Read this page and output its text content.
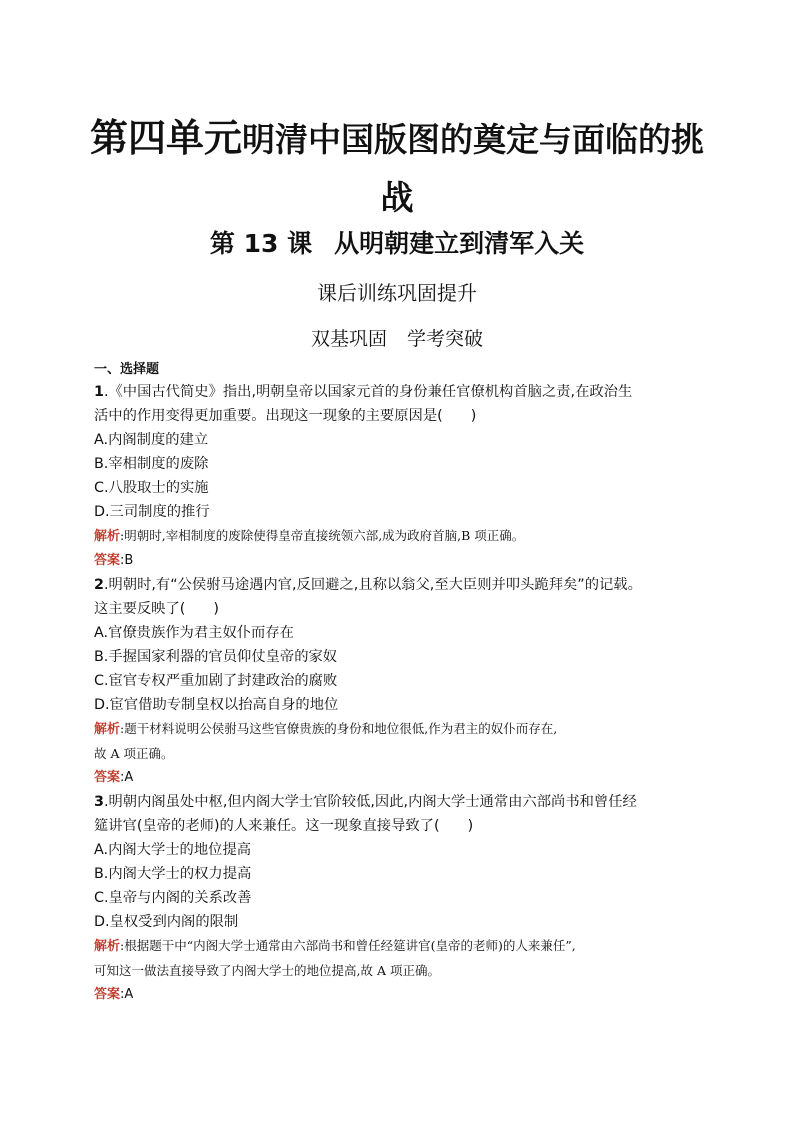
第四单元明清中国版图的奠定与面临的挑
战
第 13 课 从明朝建立到清军入关
课后训练巩固提升
双基巩固 学考突破
一、选择题
1.《中国古代简史》指出,明朝皇帝以国家元首的身份兼任官僚机构首脑之责,在政治生
活中的作用变得更加重要。出现这一现象的主要原因是( )
A.内阁制度的建立
B.宰相制度的废除
C.八股取士的实施
D.三司制度的推行
解析:明朝时,宰相制度的废除使得皇帝直接统领六部,成为政府首脑,B 项正确。
答案:B
2.明朝时,有“公侯驸马途遇内官,反回避之,且称以翁父,至大臣则并叩头跪拜矣”的记载。
这主要反映了( )
A.官僚贵族作为君主奴仆而存在
B.手握国家利器的官员仰仗皇帝的家奴
C.宦官专权严重加剧了封建政治的腐败
D.宦官借助专制皇权以抬高自身的地位
解析:题干材料说明公侯驸马这些官僚贵族的身份和地位很低,作为君主的奴仆而存在,
故 A 项正确。
答案:A
3.明朝内阁虽处中枢,但内阁大学士官阶较低,因此,内阁大学士通常由六部尚书和曾任经
筵讲官(皇帝的老师)的人来兼任。这一现象直接导致了( )
A.内阁大学士的地位提高
B.内阁大学士的权力提高
C.皇帝与内阁的关系改善
D.皇权受到内阁的限制
解析:根据题干中“内阁大学士通常由六部尚书和曾任经筵讲官(皇帝的老师)的人来兼任”,
可知这一做法直接导致了内阁大学士的地位提高,故 A 项正确。
答案:A
